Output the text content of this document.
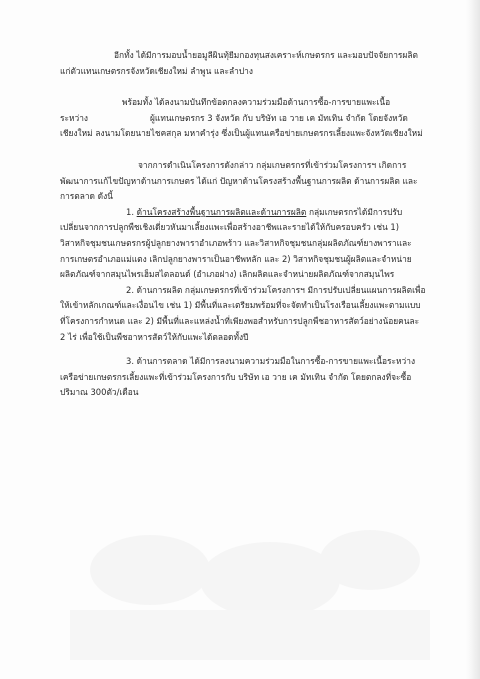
อีกทั้ง ได้มีการมอบน้ำยอมูลีผินทุ้ยีมกองทุนสงเคราะห์เกษตรกร และมอบปัจจัยการผลิตแก่ตัวแทนเกษตรกรจังหวัดเชียงใหม่ ลำพูน และลำปาง

พร้อมทั้ง ได้ลงนามบันทึกข้อตกลงความร่วมมือด้านการซื้อ-การขายแพะเนื้อ

ระหว่าง	ผู้แทนเกษตรกร 3 จังหวัด กับ บริษัท เอ วาย เค มัทเทิน จำกัด โดยจังหวัดเชียงใหม่ ลงนามโดยนายไชคสกุล มหาคำรุ่ง ซึ่งเป็นผู้แทนเครือข่ายเกษตรกรเลี้ยงแพะจังหวัดเชียงใหม่

จากการดำเนินโครงการดังกล่าว กลุ่มเกษตรกรที่เข้าร่วมโครงการฯ เกิดการพัฒนาการแก้ไขปัญหาด้านการเกษตร ได้แก่ ปัญหาด้านโครงสร้างพื้นฐานการผลิต ด้านการผลิต และการตลาด ดังนี้

1. ด้านโครงสร้างพื้นฐานการผลิตและด้านการผลิต กลุ่มเกษตรกรได้มีการปรับเปลี่ยนจากการปลูกพืชเชิงเดี่ยวหันมาเลี้ยงแพะเพื่อสร้างอาชีพและรายได้ให้กับครอบครัว เช่น 1) วิสาหกิจชุมชนเกษตรกรผู้ปลูกยางพาราอำเภอพร้าว และวิสาหกิจชุมชนกลุ่มผลิตภัณฑ์ยางพาราและการเกษตรอำเภอแม่แตง เลิกปลูกยางพาราเป็นอาชีพหลัก และ 2) วิสาหกิจชุมชนผู้ผลิตและจำหน่ายผลิตภัณฑ์จากสมุนไพรเฮ็มสไตลอนด์ (อำเภอฝาง) เลิกผลิตและจำหน่ายผลิตภัณฑ์จากสมุนไพร

2. ด้านการผลิต กลุ่มเกษตรกรที่เข้าร่วมโครงการฯ มีการปรับเปลี่ยนแผนการผลิตเพื่อให้เข้าหลักเกณฑ์และเงื่อนไข เช่น 1) มีพื้นที่และเตรียมพร้อมที่จะจัดทำเป็นโรงเรือนเลี้ยงแพะตามแบบที่โครงการกำหนด และ 2) มีพื้นที่และแหล่งน้ำที่เพียงพอสำหรับการปลูกพืชอาหารสัตว์อย่างน้อยคนละ 2 ไร่ เพื่อใช้เป็นพืชอาหารสัตว์ให้กับแพะได้ตลอดทั้งปี

3. ด้านการตลาด ได้มีการลงนามความร่วมมือในการซื้อ-การขายแพะเนื้อระหว่างเครือข่ายเกษตรกรเลี้ยงแพะที่เข้าร่วมโครงการกับ บริษัท เอ วาย เค มัทเทิน จำกัด โดยตกลงที่จะซื้อปริมาณ 300ตัว/เดือน
